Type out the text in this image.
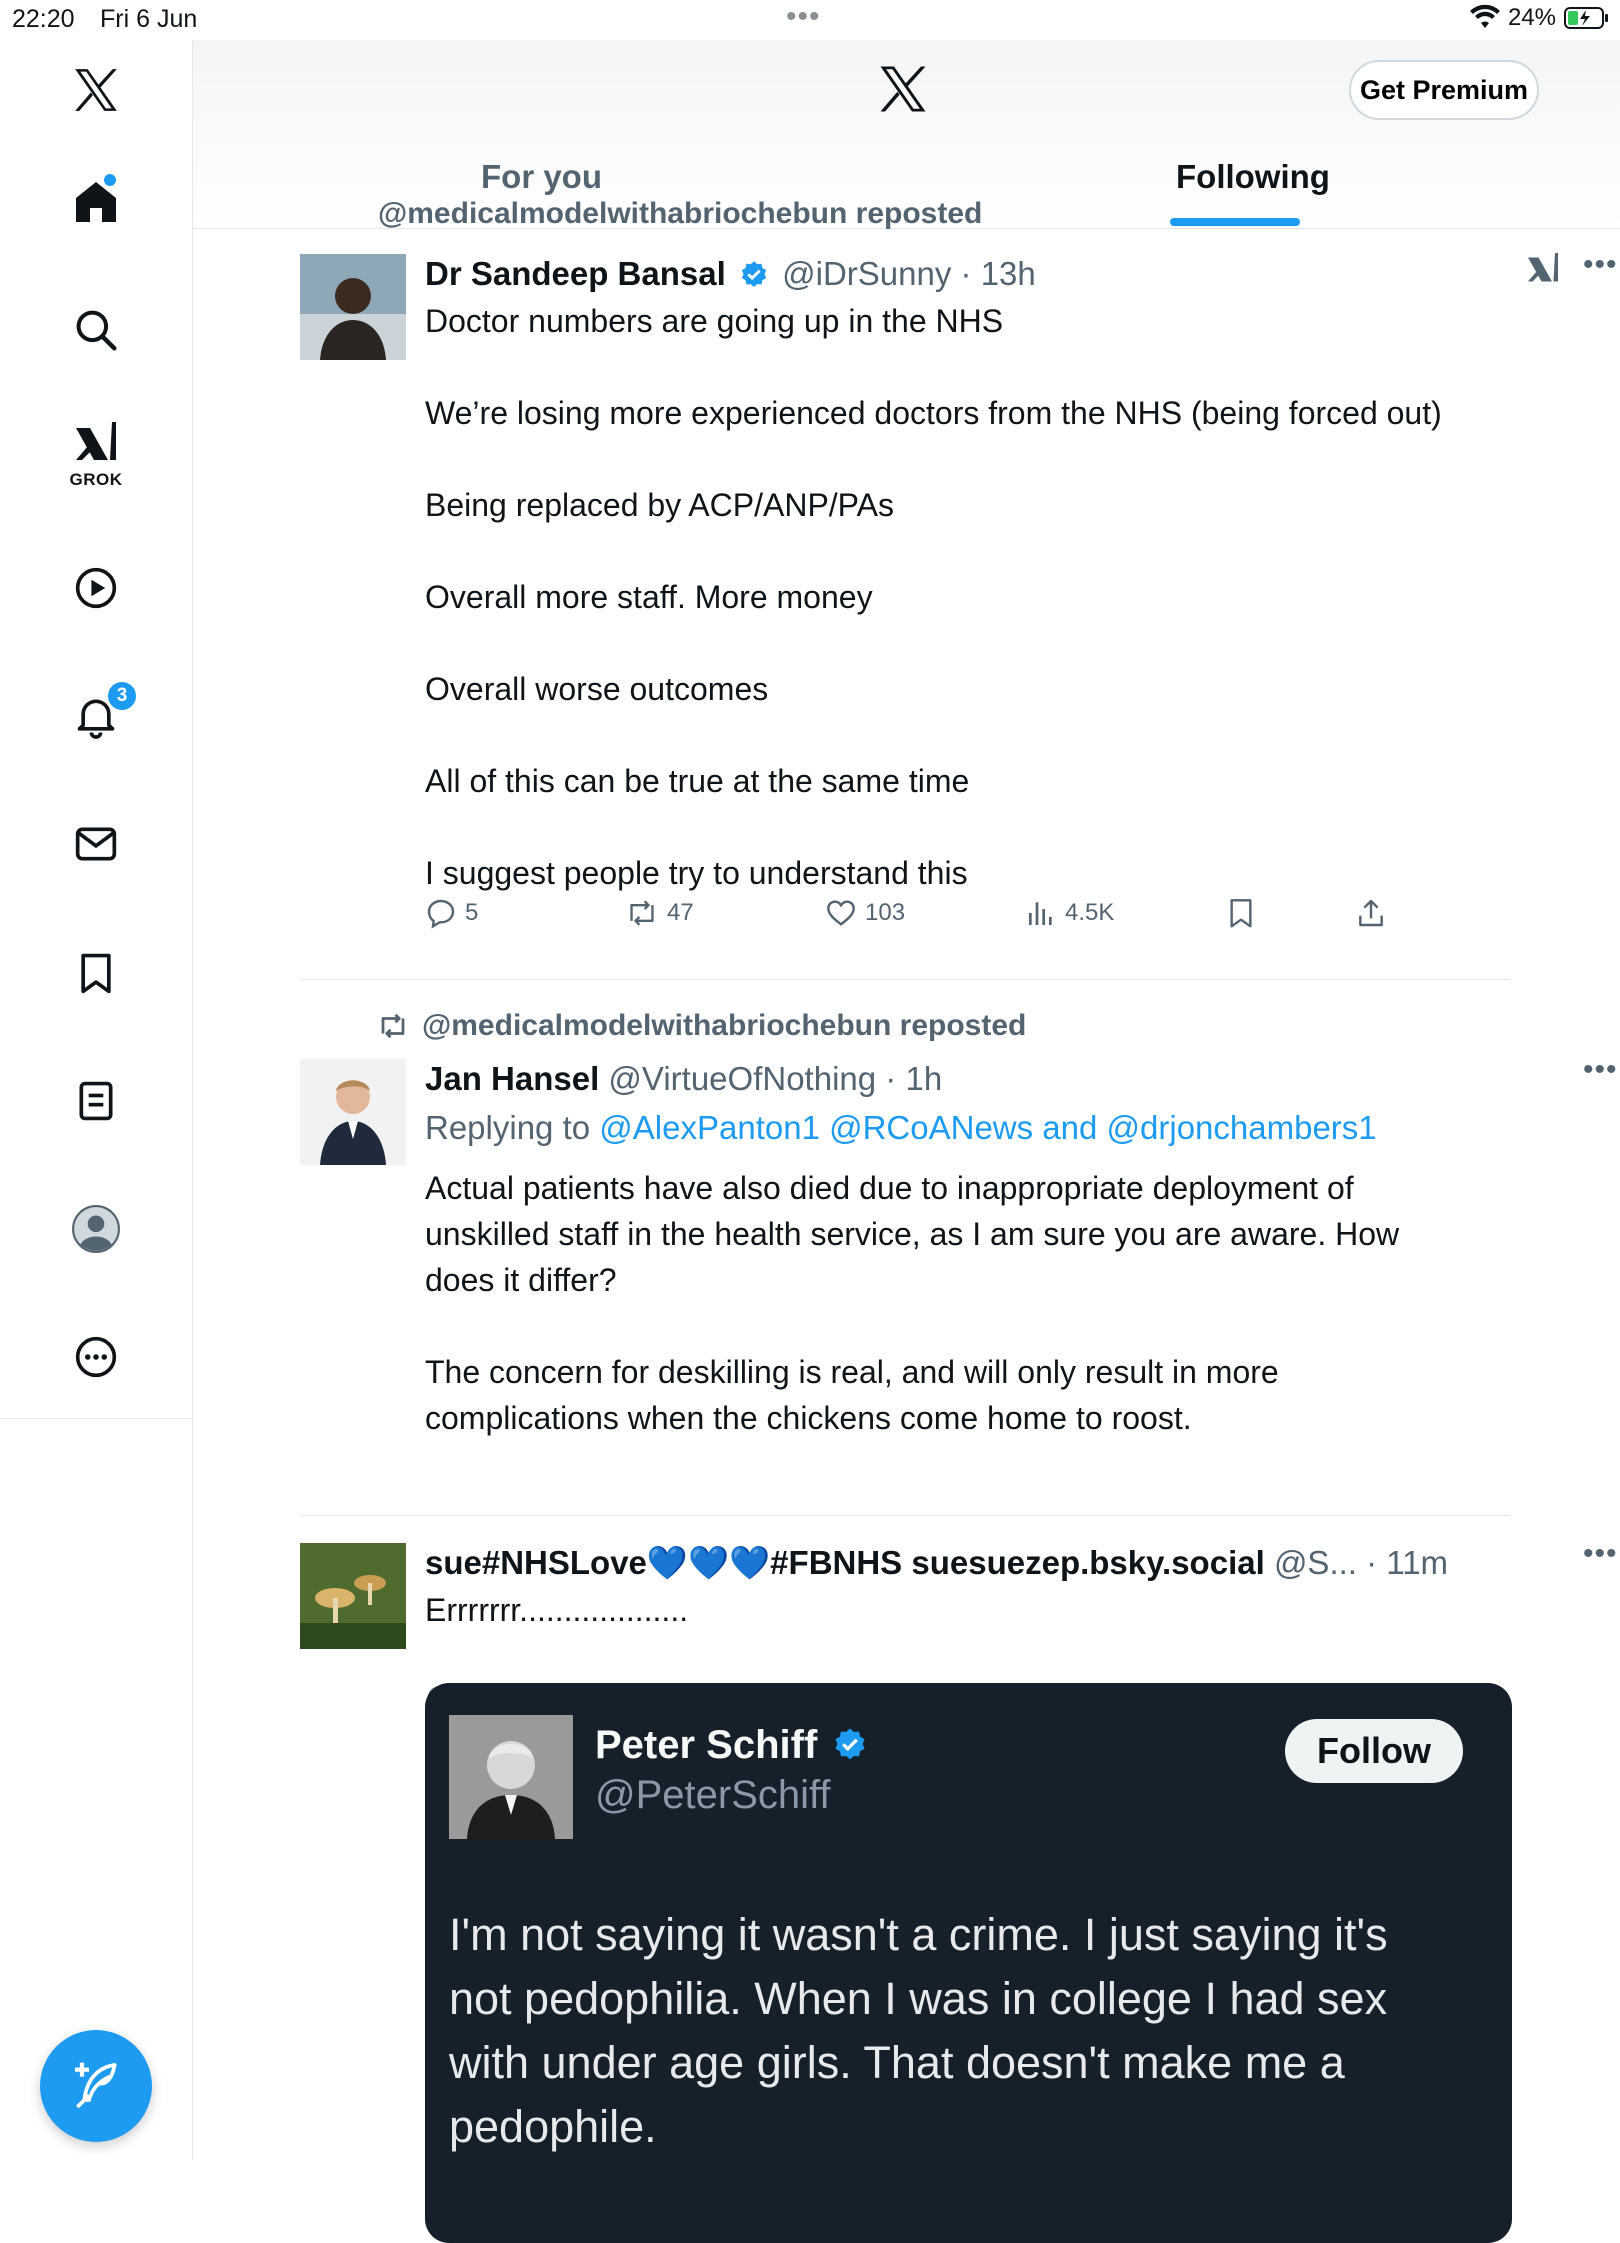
22:20 Fri 6 Jun	•••	24%
GROK
3
Get Premium
For you	Following
@medicalmodelwithabriochebun reposted
Dr Sandeep Bansal @iDrSunny · 13h	•••
Doctor numbers are going up in the NHS
We’re losing more experienced doctors from the NHS (being forced out)
Being replaced by ACP/ANP/PAs
Overall more staff. More money
Overall worse outcomes
All of this can be true at the same time
I suggest people try to understand this
5	47	103	4.5K
@medicalmodelwithabriochebun reposted
Jan Hansel @VirtueOfNothing · 1h	•••
Replying to @AlexPanton1 @RCoANews and @drjonchambers1
Actual patients have also died due to inappropriate deployment of
unskilled staff in the health service, as I am sure you are aware. How
does it differ?
The concern for deskilling is real, and will only result in more
complications when the chickens come home to roost.
sue#NHSLove💙💙💙#FBNHS suesuezep.bsky.social @S... · 11m	•••
Errrrrrr...................
Peter Schiff
@PeterSchiff
Follow
I'm not saying it wasn't a crime. I just saying it's
not pedophilia. When I was in college I had sex
with under age girls. That doesn't make me a
pedophile.
